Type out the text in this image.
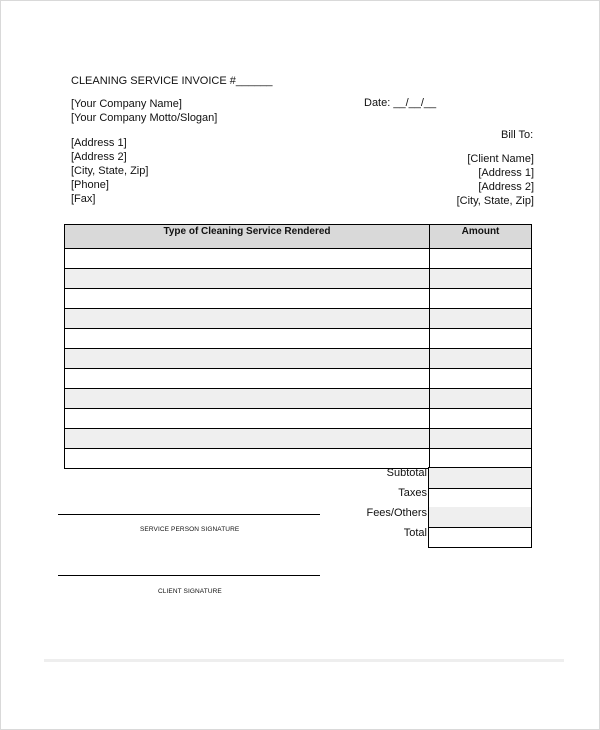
CLEANING SERVICE INVOICE #______
[Your Company Name]
[Your Company Motto/Slogan]
Date: __/__/__
[Address 1]
[Address 2]
[City, State, Zip]
[Phone]
[Fax]
Bill To:
[Client Name]
[Address 1]
[Address 2]
[City, State, Zip]
Type of Cleaning Service Rendered	Amount

Subtotal
Taxes
Fees/Others
Total
SERVICE PERSON SIGNATURE
CLIENT SIGNATURE
